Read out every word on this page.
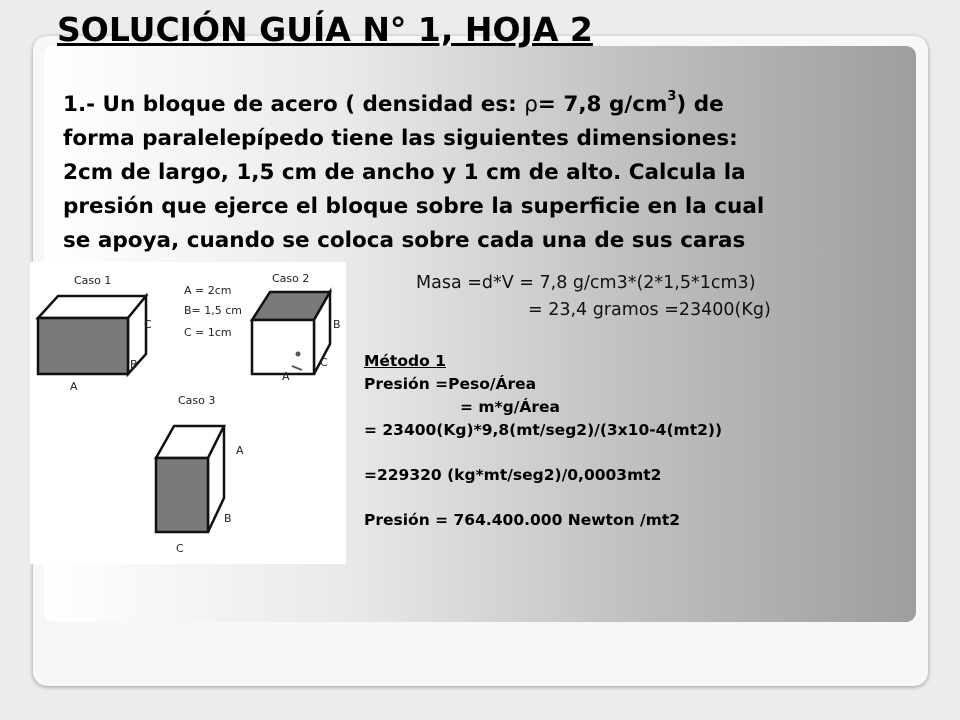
SOLUCIÓN GUÍA N° 1, HOJA 2
1.- Un bloque de acero ( densidad es: ρ= 7,8 $g/cm^3$) de
forma paralelepípedo tiene las siguientes dimensiones:
2cm de largo, 1,5 cm de ancho y 1 cm de alto. Calcula la
presión que ejerce el bloque sobre la superficie en la cual
se apoya, cuando se coloca sobre cada una de sus caras
Caso 1
C
B
A
A = 2cm
B= 1,5 cm
C = 1cm
Caso 2
B
C
A
Caso 3
A
B
C
Masa =d*V = 7,8 g/cm3*(2*1,5*1cm3)
= 23,4 gramos =23400(Kg)
Método 1
Presión =Peso/Área
= m*g/Área
= 23400(Kg)*9,8(mt/seg2)/(3x10-4(mt2))
=229320 (kg*mt/seg2)/0,0003mt2
Presión = 764.400.000 Newton /mt2
